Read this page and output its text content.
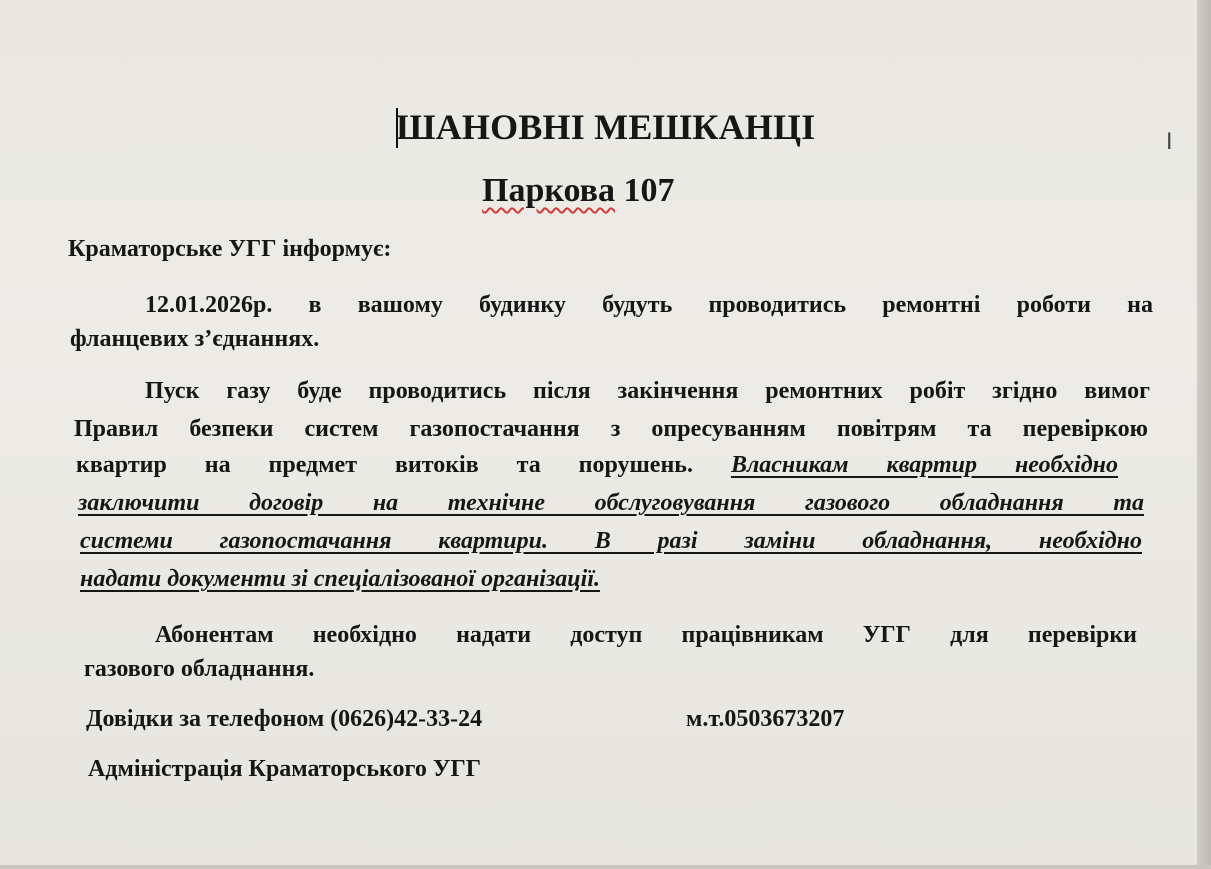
ШАНОВНІ МЕШКАНЦІ	I
Паркова 107
Краматорське УГГ інформує:
12.01.2026р. в вашому будинку будуть проводитись ремонтні роботи на
фланцевих з’єднаннях.
Пуск газу буде проводитись після закінчення ремонтних робіт згідно вимог
Правил безпеки систем газопостачання з опресуванням повітрям та перевіркою
квартир на предмет витоків та порушень. Власникам квартир необхідно
заключити договір на технічне обслуговування газового обладнання та
системи газопостачання квартири. В разі заміни обладнання, необхідно
надати документи зі спеціалізованої організації.
Абонентам необхідно надати доступ працівникам УГГ для перевірки
газового обладнання.
Довідки за телефоном (0626)42-33-24	м.т.0503673207
Адміністрація Краматорського УГГ
